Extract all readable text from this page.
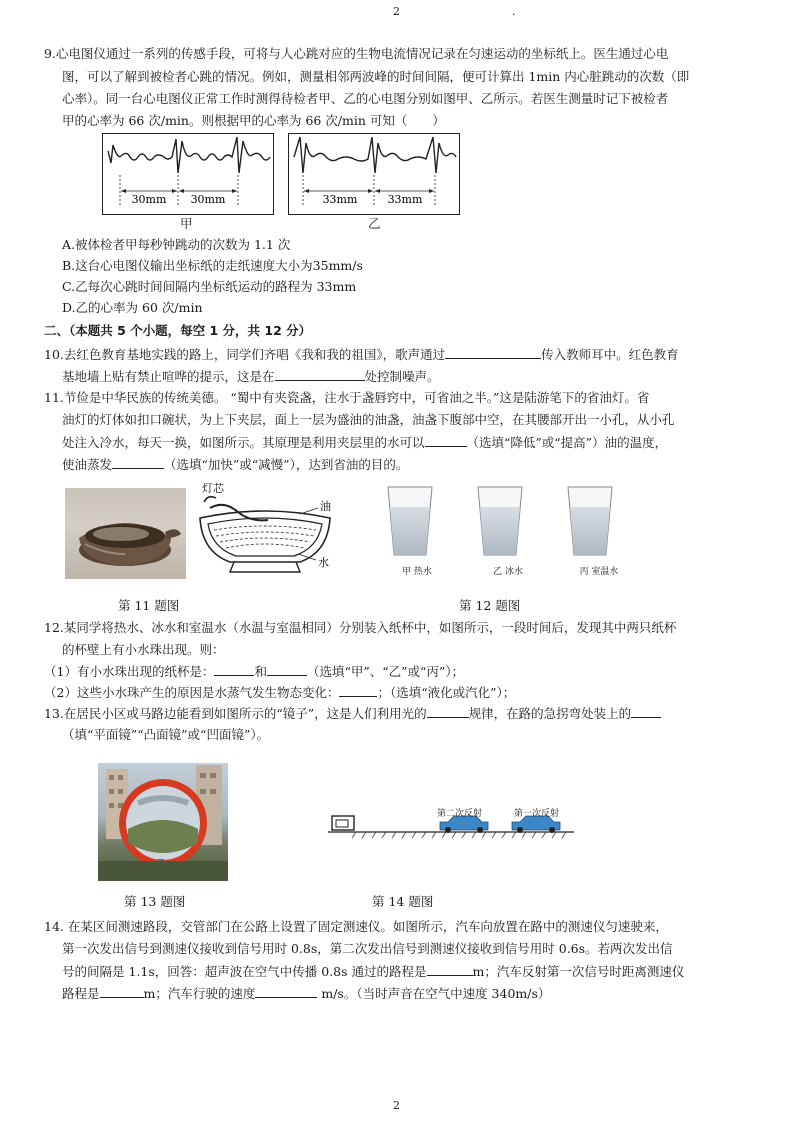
2	.
9.心电图仪通过一系列的传感手段，可将与人心跳对应的生物电流情况记录在匀速运动的坐标纸上。医生通过心电
图，可以了解到被检者心跳的情况。例如，测量相邻两波峰的时间间隔，便可计算出 1min 内心脏跳动的次数（即
心率）。同一台心电图仪正常工作时测得待检者甲、乙的心电图分别如图甲、乙所示。若医生测量时记下被检者
甲的心率为 66 次/min。则根据甲的心率为 66 次/min 可知（　　）
30mm 30mm
甲
33mm	33mm
乙
A.被体检者甲每秒钟跳动的次数为 1.1 次
B.这台心电图仪输出坐标纸的走纸速度大小为35mm/s
C.乙每次心跳时间间隔内坐标纸运动的路程为 33mm
D.乙的心率为 60 次/min
二、（本题共 5 个小题，每空 1 分，共 12 分）
10.去红色教育基地实践的路上，同学们齐唱《我和我的祖国》，歌声通过	传入教师耳中。红色教育
基地墙上贴有禁止喧哗的提示，这是在	处控制噪声。
11.节俭是中华民族的传统美德。 “蜀中有夹瓷盏，注水于盏唇窍中，可省油之半。”这是陆游笔下的省油灯。省
油灯的灯体如扣口碗状，为上下夹层，面上一层为盛油的油盏，油盏下腹部中空，在其腰部开出一小孔，从小孔
处注入冷水，每天一换，如图所示。其原理是利用夹层里的水可以	（选填“降低”或“提高”）油的温度，
使油蒸发	（选填“加快”或“减慢”），达到省油的目的。
灯芯
油
水
甲 热水	乙 冰水	丙 室温水
第 11 题图	第 12 题图
12.某同学将热水、冰水和室温水（水温与室温相同）分别装入纸杯中，如图所示，一段时间后，发现其中两只纸杯
的杯壁上有小水珠出现。则：
（1）有小水珠出现的纸杯是：	和	（选填“甲”、“乙”或“丙”）；
（2）这些小水珠产生的原因是水蒸气发生物态变化：	；（选填“液化或汽化”）；
13.在居民小区或马路边能看到如图所示的“镜子”，这是人们利用光的	规律，在路的急拐弯处装上的
（填“平面镜”“凸面镜”或“凹面镜”）。
第二次反射	第一次反射
第 13 题图	第 14 题图
14. 在某区间测速路段，交管部门在公路上设置了固定测速仪。如图所示，汽车向放置在路中的测速仪匀速驶来，
第一次发出信号到测速仪接收到信号用时 0.8s，第二次发出信号到测速仪接收到信号用时 0.6s。若两次发出信
号的间隔是 1.1s，回答：超声波在空气中传播 0.8s 通过的路程是	m；汽车反射第一次信号时距离测速仪
路程是	m；汽车行驶的速度	m/s。（当时声音在空气中速度 340m/s）
2
